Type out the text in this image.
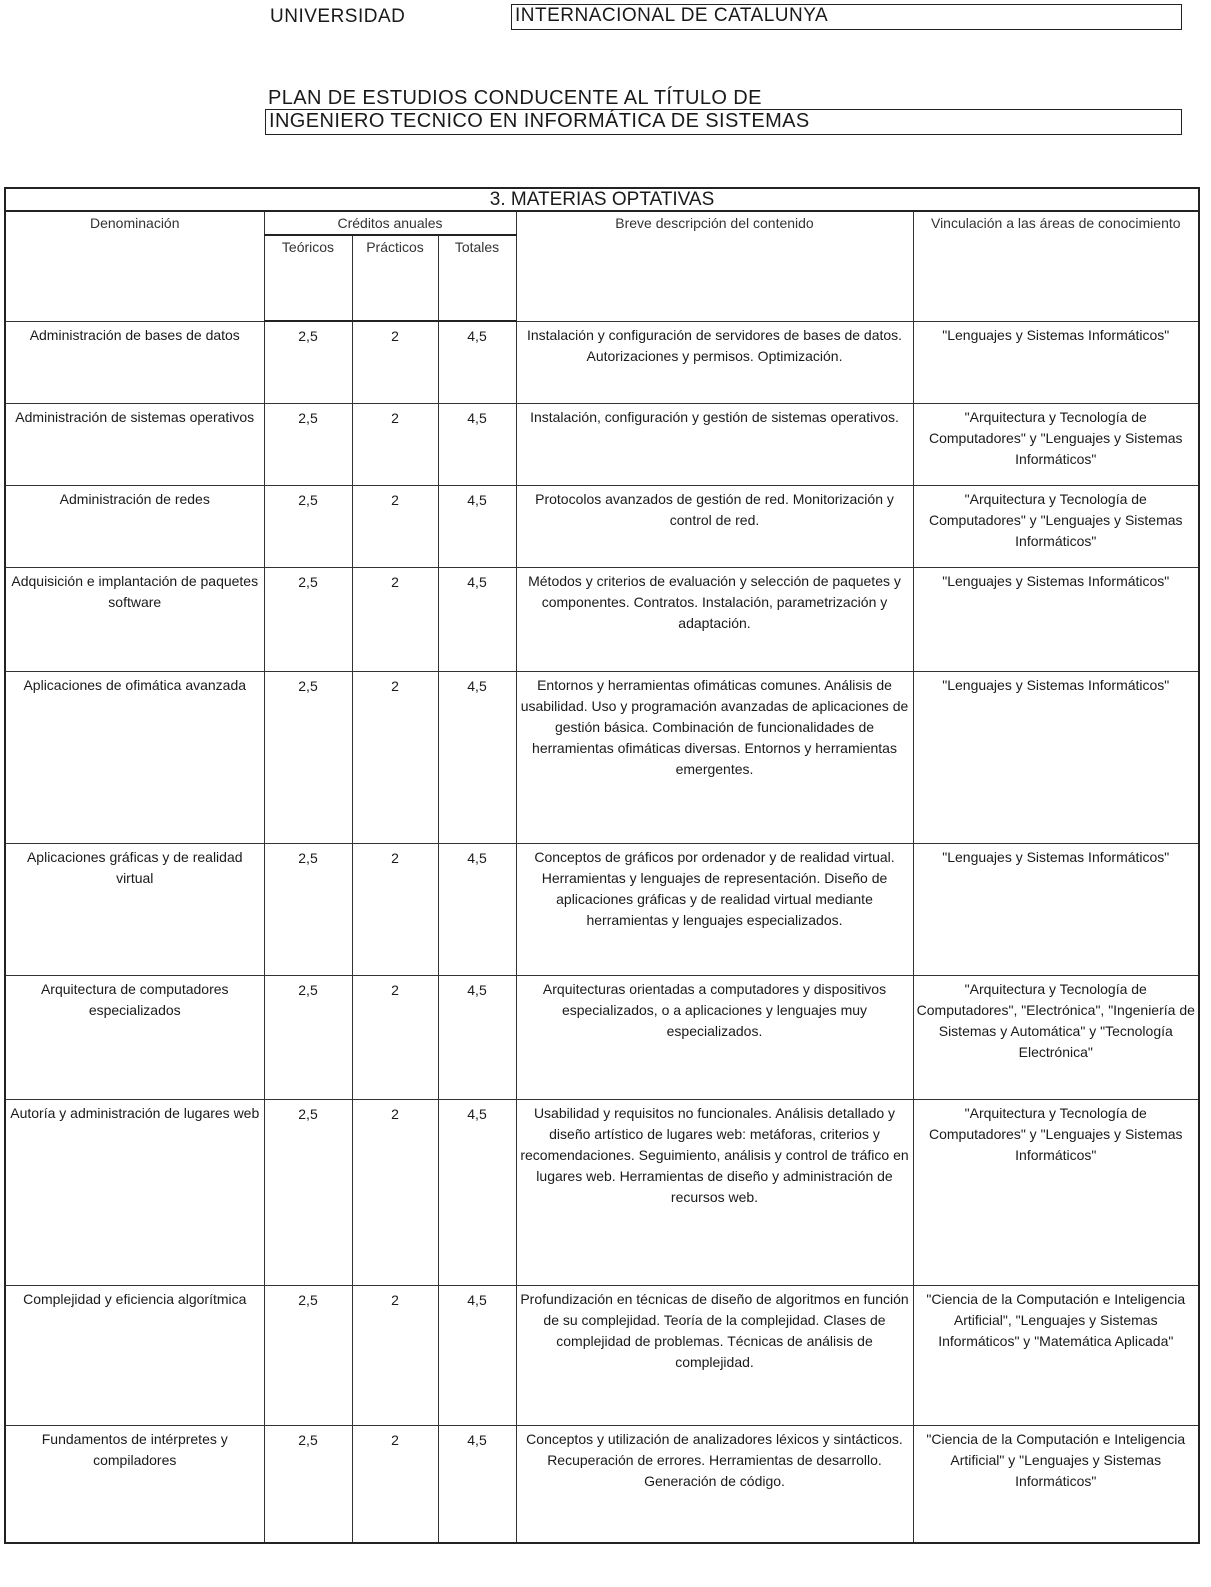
UNIVERSIDAD	INTERNACIONAL DE CATALUNYA
PLAN DE ESTUDIOS CONDUCENTE AL TÍTULO DE
INGENIERO TECNICO EN INFORMÁTICA DE SISTEMAS
3. MATERIAS OPTATIVAS					
Denominación	Créditos anuales			Breve descripción del contenido	Vinculación a las áreas de conocimiento
	Teóricos	Prácticos	Totales		
Administración de bases de datos	2,5	2	4,5	Instalación y configuración de servidores de bases de datos. Autorizaciones y permisos. Optimización.	"Lenguajes y Sistemas Informáticos"
Administración de sistemas operativos	2,5	2	4,5	Instalación, configuración y gestión de sistemas operativos.	"Arquitectura y Tecnología de Computadores" y "Lenguajes y Sistemas Informáticos"
Administración de redes	2,5	2	4,5	Protocolos avanzados de gestión de red. Monitorización y control de red.	"Arquitectura y Tecnología de Computadores" y "Lenguajes y Sistemas Informáticos"
Adquisición e implantación de paquetes software	2,5	2	4,5	Métodos y criterios de evaluación y selección de paquetes y componentes. Contratos. Instalación, parametrización y adaptación.	"Lenguajes y Sistemas Informáticos"
Aplicaciones de ofimática avanzada	2,5	2	4,5	Entornos y herramientas ofimáticas comunes. Análisis de usabilidad. Uso y programación avanzadas de aplicaciones de gestión básica. Combinación de funcionalidades de herramientas ofimáticas diversas. Entornos y herramientas emergentes.	"Lenguajes y Sistemas Informáticos"
Aplicaciones gráficas y de realidad virtual	2,5	2	4,5	Conceptos de gráficos por ordenador y de realidad virtual. Herramientas y lenguajes de representación. Diseño de aplicaciones gráficas y de realidad virtual mediante herramientas y lenguajes especializados.	"Lenguajes y Sistemas Informáticos"
Arquitectura de computadores especializados	2,5	2	4,5	Arquitecturas orientadas a computadores y dispositivos especializados, o a aplicaciones y lenguajes muy especializados.	"Arquitectura y Tecnología de Computadores", "Electrónica", "Ingeniería de Sistemas y Automática" y "Tecnología Electrónica"
Autoría y administración de lugares web	2,5	2	4,5	Usabilidad y requisitos no funcionales. Análisis detallado y diseño artístico de lugares web: metáforas, criterios y recomendaciones. Seguimiento, análisis y control de tráfico en lugares web. Herramientas de diseño y administración de recursos web.	"Arquitectura y Tecnología de Computadores" y "Lenguajes y Sistemas Informáticos"
Complejidad y eficiencia algorítmica	2,5	2	4,5	Profundización en técnicas de diseño de algoritmos en función de su complejidad. Teoría de la complejidad. Clases de complejidad de problemas. Técnicas de análisis de complejidad.	"Ciencia de la Computación e Inteligencia Artificial", "Lenguajes y Sistemas Informáticos" y "Matemática Aplicada"
Fundamentos de intérpretes y compiladores	2,5	2	4,5	Conceptos y utilización de analizadores léxicos y sintácticos. Recuperación de errores. Herramientas de desarrollo. Generación de código.	"Ciencia de la Computación e Inteligencia Artificial" y "Lenguajes y Sistemas Informáticos"
